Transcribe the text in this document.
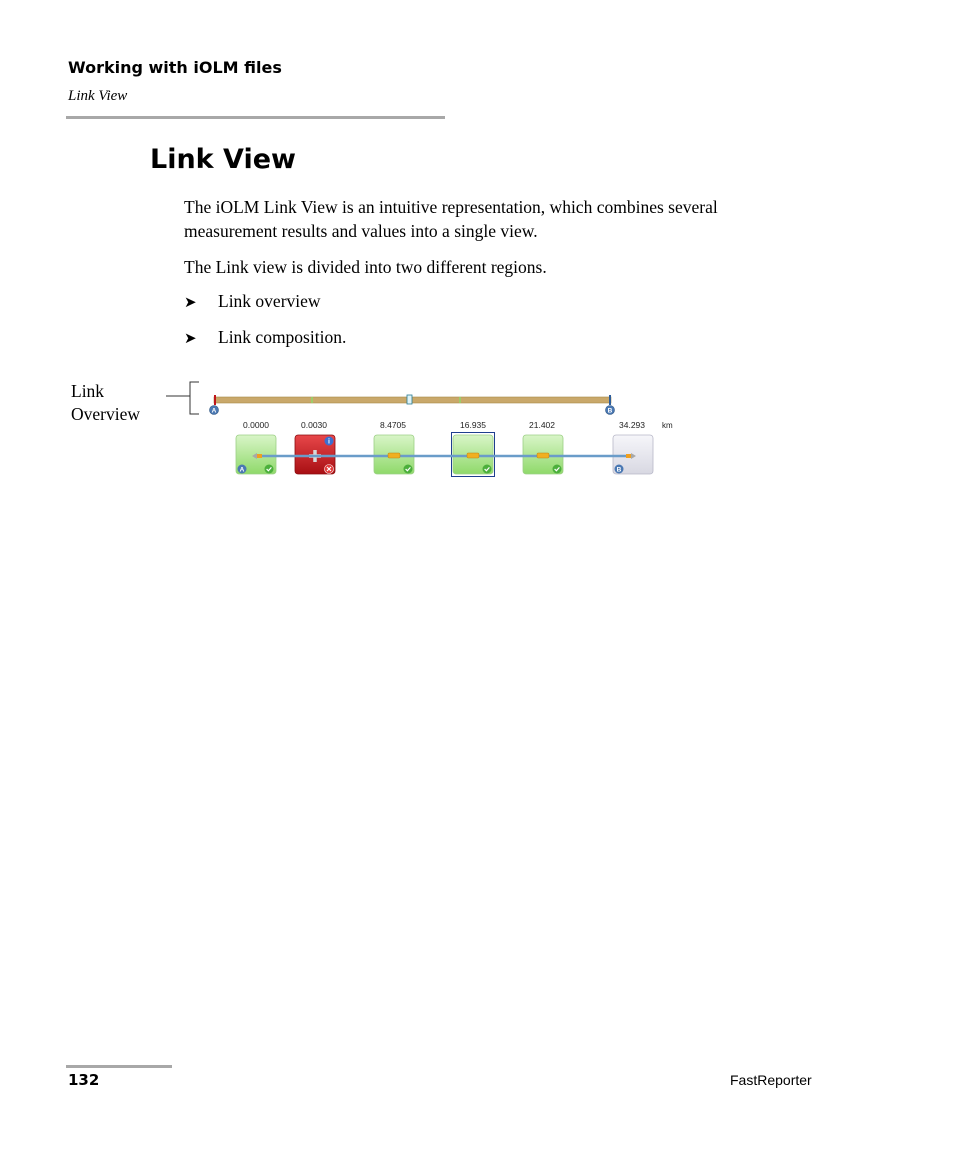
Working with iOLM files
Link View
Link View
The iOLM Link View is an intuitive representation, which combines several
measurement results and values into a single view.
The Link view is divided into two different regions.
➤ Link overview
➤ Link composition.
Link
Overview	A	B
0.0000	0.0030	8.4705	16.935	21.402	34.293 km
A
i
B
132	FastReporter
